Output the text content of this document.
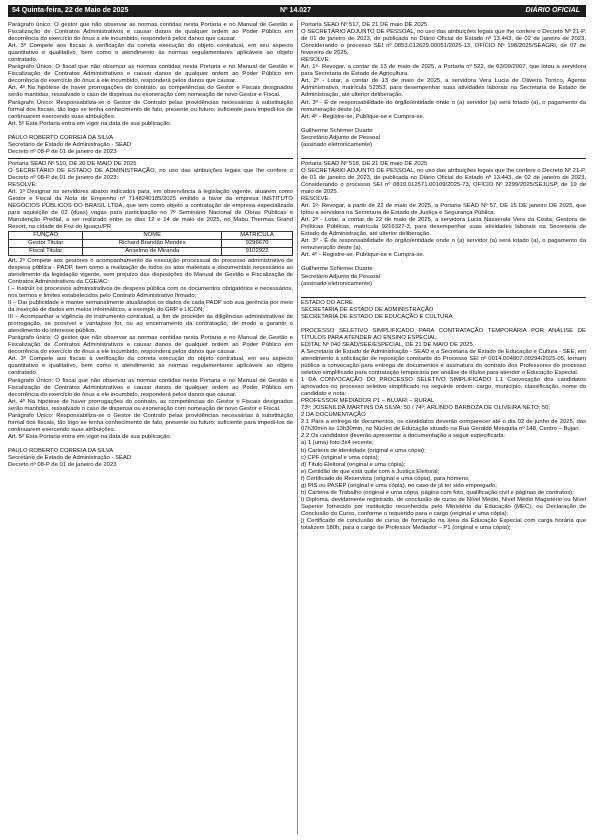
54 Quinta-feira, 22 de Maio de 2025	Nº 14.027	DIÁRIO OFICIAL

Parágrafo único: O gestor que não observar as normas contidas nesta Portaria e no Manual de Gestão e Fiscalização de Contratos Administrativos e causar danos de qualquer ordem ao Poder Público em decorrência do exercício do ônus a ele incumbido, responderá pelos danos que causar.

Art. 3º Compete aos fiscais à verificação da correta execução do objeto contratual, em seu aspecto quantitativo e qualitativo, bem como o atendimento às normas regulamentares aplicáveis ao objeto contratado.

Parágrafo Único: O fiscal que não observar as normas contidas nesta Portaria e no Manual de Gestão e Fiscalização de Contratos Administrativos e causar danos de qualquer ordem ao Poder Público em decorrência do exercício do ônus a ele incumbido, responderá pelos danos que causar.

Art. 4º Na hipótese de haver prorrogações do contrato, as competências do Gestor e Fiscais designados serão mantidas, ressalvado o caso de dispensa ou exoneração com nomeação de novo Gestor e Fiscal.

Parágrafo Único: Responsabiliza-se o Gestor de Contrato pelas providências necessárias à substituição formal dos fiscais, tão logo se tenha conhecimento de fato, presente ou futuro, suficiente para impedi-los de continuarem exercendo suas atribuições.

Art. 5º Esta Portaria entra em vigor na data de sua publicação.

PAULO ROBERTO CORREIA DA SILVA

Secretário de Estado de Administração - SEAD

Decreto nº 08-P de 01 de janeiro de 2023

Portaria SEAD Nº 510, DE 20 DE MAIO DE 2025

O SECRETÁRIO DE ESTADO DE ADMINISTRAÇÃO, no uso das atribuições legais que lhe confere o Decreto nº 08-P de 01 de janeiro de 2023:

RESOLVE:

Art. 1º Designar os servidores abaixo indicados para, em observância à legislação vigente, atuarem como Gestor e Fiscal da Nota de Empenho nº 7148240185/2025 emitido a favor da empresa INSTITUTO NEGÓCIOS PÚBLICOS DO BRASIL LTDA, que tem como objeto a contratação de empresa especializada para aquisição de 02 (duas) vagas para participação no 7º Seminário Nacional de Obras Públicas e Manutenção Predial, a ser realizado entre os dias 12 e 14 de maio de 2025, no Mabu Thermas Grand Resort, na cidade de Foz do Iguaçu/PR

FUNÇÃO	NOME	MATRÍCULA
Gestor Titular	Richard Brandão Mendes	9296670
Fiscal Titular	Anselmo de Miranda	9102922

Art. 2º Compete aos gestores o acompanhamento da execução processual do processo administrativo de despesa pública - PADP, bem como a realização de todos os atos materiais e documentais necessários ao atendimento da legislação vigente, sem prejuízo das disposições do Manual de Gestão e Fiscalização de Contratos Administrativos da CGE/AC:

I – Instruir os processos administrativos de despesa pública com os documentos obrigatórios e necessários, nos termos e limites estabelecidos pelo Contrato Administrativo firmado;

II – Dar publicidade e manter semanalmente atualizados os dados de cada PADP sob sua gerência por meio da inserção de dados em meios informáticos, a exemplo do GRP e LICON;

III – Acompanhar a vigência do instrumento contratual, a fim de proceder às diligências administrativas de prorrogação, se possível e vantajoso for, ou ao encerramento da contratação, de modo a garantir o atendimento do interesse público.

Parágrafo único: O gestor que não observar as normas contidas nesta Portaria e no Manual de Gestão e Fiscalização de Contratos Administrativos e causar danos de qualquer ordem ao Poder Público em decorrência do exercício do ônus a ele incumbido, responderá pelos danos que causar.

Art. 3º Compete aos fiscais à verificação da correta execução do objeto contratual, em seu aspecto quantitativo e qualitativo, bem como o atendimento às normas regulamentares aplicáveis ao objeto contratado.

Parágrafo Único: O fiscal que não observar as normas contidas nesta Portaria e no Manual de Gestão e Fiscalização de Contratos Administrativos e causar danos de qualquer ordem ao Poder Público em decorrência do exercício do ônus a ele incumbido, responderá pelos danos que causar.

Art. 4º Na hipótese de haver prorrogações do contrato, as competências do Gestor e Fiscais designados serão mantidas, ressalvado o caso de dispensa ou exoneração com nomeação de novo Gestor e Fiscal.

Parágrafo Único: Responsabiliza-se o Gestor de Contrato pelas providências necessárias à substituição formal dos fiscais, tão logo se tenha conhecimento de fato, presente ou futuro, suficiente para impedi-los de continuarem exercendo suas atribuições.

Art. 5º Esta Portaria entra em vigor na data de sua publicação.

PAULO ROBERTO CORREIA DA SILVA

Secretário de Estado de Administração - SEAD

Decreto nº 08-P de 01 de janeiro de 2023

Portaria SEAD Nº 517, DE 21 DE maio DE 2025

O SECRETÁRIO ADJUNTO DE PESSOAL, no uso das atribuições legais que lhe confere o Decreto Nº 21-P, de 01 de janeiro de 2023, de publicada no Diário Oficial do Estado nº 13.443, de 02 de janeiro de 2023, Considerando o processo SEI nº 0853.012629.00051/2025-13, OFÍCIO Nº 198/2025/SEAGRI, de 07 de fevereiro de 2025,

RESOLVE:

Art. 1º- Revogar, a contar de 13 de maio de 2025, a Portaria nº 522, de 03/09/2007, que lotou a servidora para Secretaria de Estado de Agricultura.

Art. 2º - Lotar, a contar de 13 de maio de 2025, a servidora Vera Lucia de Oliveira Torrico, Agente Administrativo, matrícula 52353, para desempenhar suas atividades laborais na Secretaria de Estado de Administração, até ulterior deliberação.

Art. 3º - É de responsabilidade do órgão/entidade onde o (a) servidor (a) será lotado (a), o pagamento da remuneração deste (a).

Art. 4º - Registre-se, Publique-se e Cumpra-se.

Guilherme Schirmer Duarte

Secretário Adjunto de Pessoal

(assinado eletronicamente)

Portaria SEAD Nº 518, DE 21 DE maio DE 2025

O SECRETÁRIO ADJUNTO DE PESSOAL, no uso das atribuições legais que lhe confere o Decreto Nº 21-P, de 01 de janeiro de 2023, de publicada no Diário Oficial do Estado nº 13.443, de 02 de janeiro de 2023, Considerando o processo SEI nº 0819.012571.00109/2025-73, OFÍCIO Nº 2299/2025/SEJUSP, de 19 de maio de 2025.

RESOLVE:

Art. 1º- Revogar, a partir de 22 de maio de 2025, a Portaria SEAD Nº 57, DE 15 DE janeiro DE 2025, que lotou a servidora na Secretaria de Estado de Justiça e Segurança Pública.

Art. 2º - Lotar, a contar de 22 de maio de 2025, a servidora Lucia Nasserala Vera da Costa, Gestora de Políticas Públicas, matrícula 9216327-3, para desempenhar suas atividades laborais na Secretaria de Estado de Administração, até ulterior deliberação.

Art. 3º - É de responsabilidade do órgão/entidade onde o (a) servidor (a) será lotado (a), o pagamento da remuneração deste (a).

Art. 4º - Registre-se, Publique-se e Cumpra-se.

Guilherme Schirmer Duarte

Secretário Adjunto de Pessoal

(assinado eletronicamente)

ESTADO DO ACRE

SECRETARIA DE ESTADO DE ADMINISTRAÇÃO

SECRETARIA DE ESTADO DE EDUCAÇÃO E CULTURA

PROCESSO SELETIVO SIMPLIFICADO PARA CONTRATAÇÃO TEMPORÁRIA POR ANÁLISE DE TÍTULOS PARA ATENDER AO ENSINO ESPECIAL.

EDITAL Nº 040 SEAD/SEE/ESPECIAL, DE 21 DE MAIO DE 2025.

A Secretaria de Estado de Administração - SEAD e a Secretaria de Estado de Educação e Cultura - SEE, em atendimento à solicitação de reposição constante do Processo SEI nº 0014.004807.00294/2025-05, tornam pública a convocação para entrega de documentos e assinatura do contrato dos Professores do processo seletivo simplificado para contratação temporária por análise de títulos para atender o Educação Especial.

1 DA CONVOCAÇÃO DO PROCESSO SELETIVO SIMPLIFICADO 1.1 Convocação dos candidatos aprovados no processo seletivo simplificado na seguinte ordem: cargo, município, classificação, nome do candidato e nota:

PROFESSOR MEDIADOR P1 – BUJARI – RURAL

73º; JOSENILDA MARTINS DA SILVA; 50 / 74º; ARLINDO BARBOZA DE OLIVEIRA NETO; 50;

2 DA DOCUMENTAÇÃO

2.1 Para a entrega de documentos, os candidatos deverão comparecer até o dia 02 de junho de 2025, das 07h30min às 13h30min, no Núcleo de Educação situado na Rua Geraldo Mesquita nº 148, Centro – Bujari.

2.2 Os candidatos deverão apresentar a documentação a seguir especificada:

a) 1 (uma) foto 3x4 recente;

b) Carteira de identidade (original e uma cópia);

c) CPF (original e uma cópia);

d) Título Eleitoral (original e uma cópia);

e) Certidão de que está quite com a Justiça Eleitoral;

f) Certificado de Reservista (original e uma cópia), para homens;

g) PIS ou PASEP (original e uma cópia), no caso de já ter sido empregado;

h) Carteira de Trabalho (original e uma cópia, página com foto, qualificação civil e páginas de contratos);

i) Diploma, devidamente registrado, de conclusão de curso de Nível Médio, Nível Médio Magistério ou Nível Superior fornecido por instituição reconhecida pelo Ministério da Educação (MEC), ou Declaração de Conclusão do Curso, conforme o requerido para o cargo (original e uma cópia);

j) Certificado de conclusão de curso de formação na área da Educação Especial com carga horária que totalizem 180h, para o cargo de Professor Mediador – P1 (original e uma cópia);
